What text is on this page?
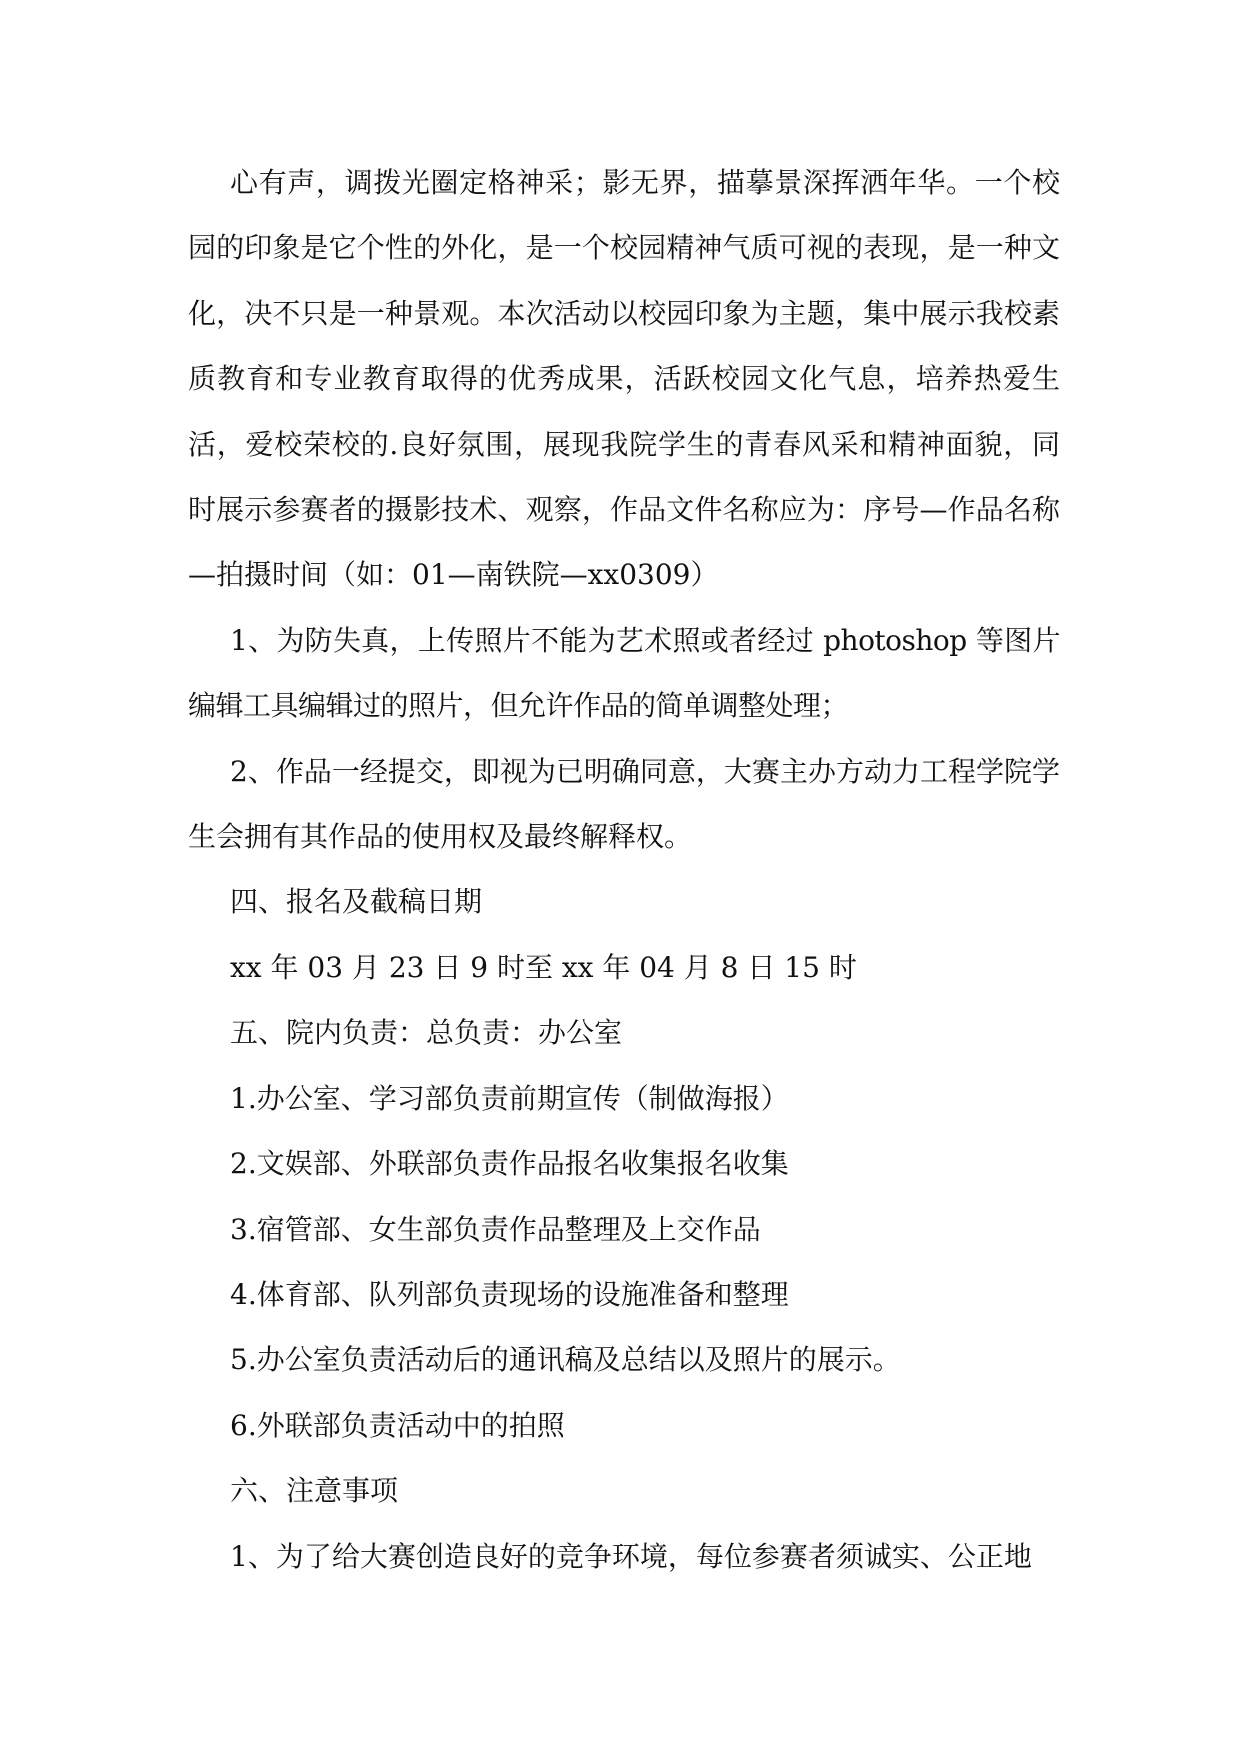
心有声，调拨光圈定格神采；影无界，描摹景深挥洒年华。一个校园的印象是它个性的外化，是一个校园精神气质可视的表现，是一种文化，决不只是一种景观。本次活动以校园印象为主题，集中展示我校素质教育和专业教育取得的优秀成果，活跃校园文化气息，培养热爱生活，爱校荣校的.良好氛围，展现我院学生的青春风采和精神面貌，同时展示参赛者的摄影技术、观察，作品文件名称应为：序号—作品名称—拍摄时间（如：01—南铁院—xx0309）

1、为防失真，上传照片不能为艺术照或者经过 photoshop 等图片编辑工具编辑过的照片，但允许作品的简单调整处理；

2、作品一经提交，即视为已明确同意，大赛主办方动力工程学院学生会拥有其作品的使用权及最终解释权。

四、报名及截稿日期

xx 年 03 月 23 日 9 时至 xx 年 04 月 8 日 15 时

五、院内负责：总负责：办公室

1.办公室、学习部负责前期宣传（制做海报）

2.文娱部、外联部负责作品报名收集报名收集

3.宿管部、女生部负责作品整理及上交作品

4.体育部、队列部负责现场的设施准备和整理

5.办公室负责活动后的通讯稿及总结以及照片的展示。

6.外联部负责活动中的拍照

六、注意事项

1、为了给大赛创造良好的竞争环境，每位参赛者须诚实、公正地
